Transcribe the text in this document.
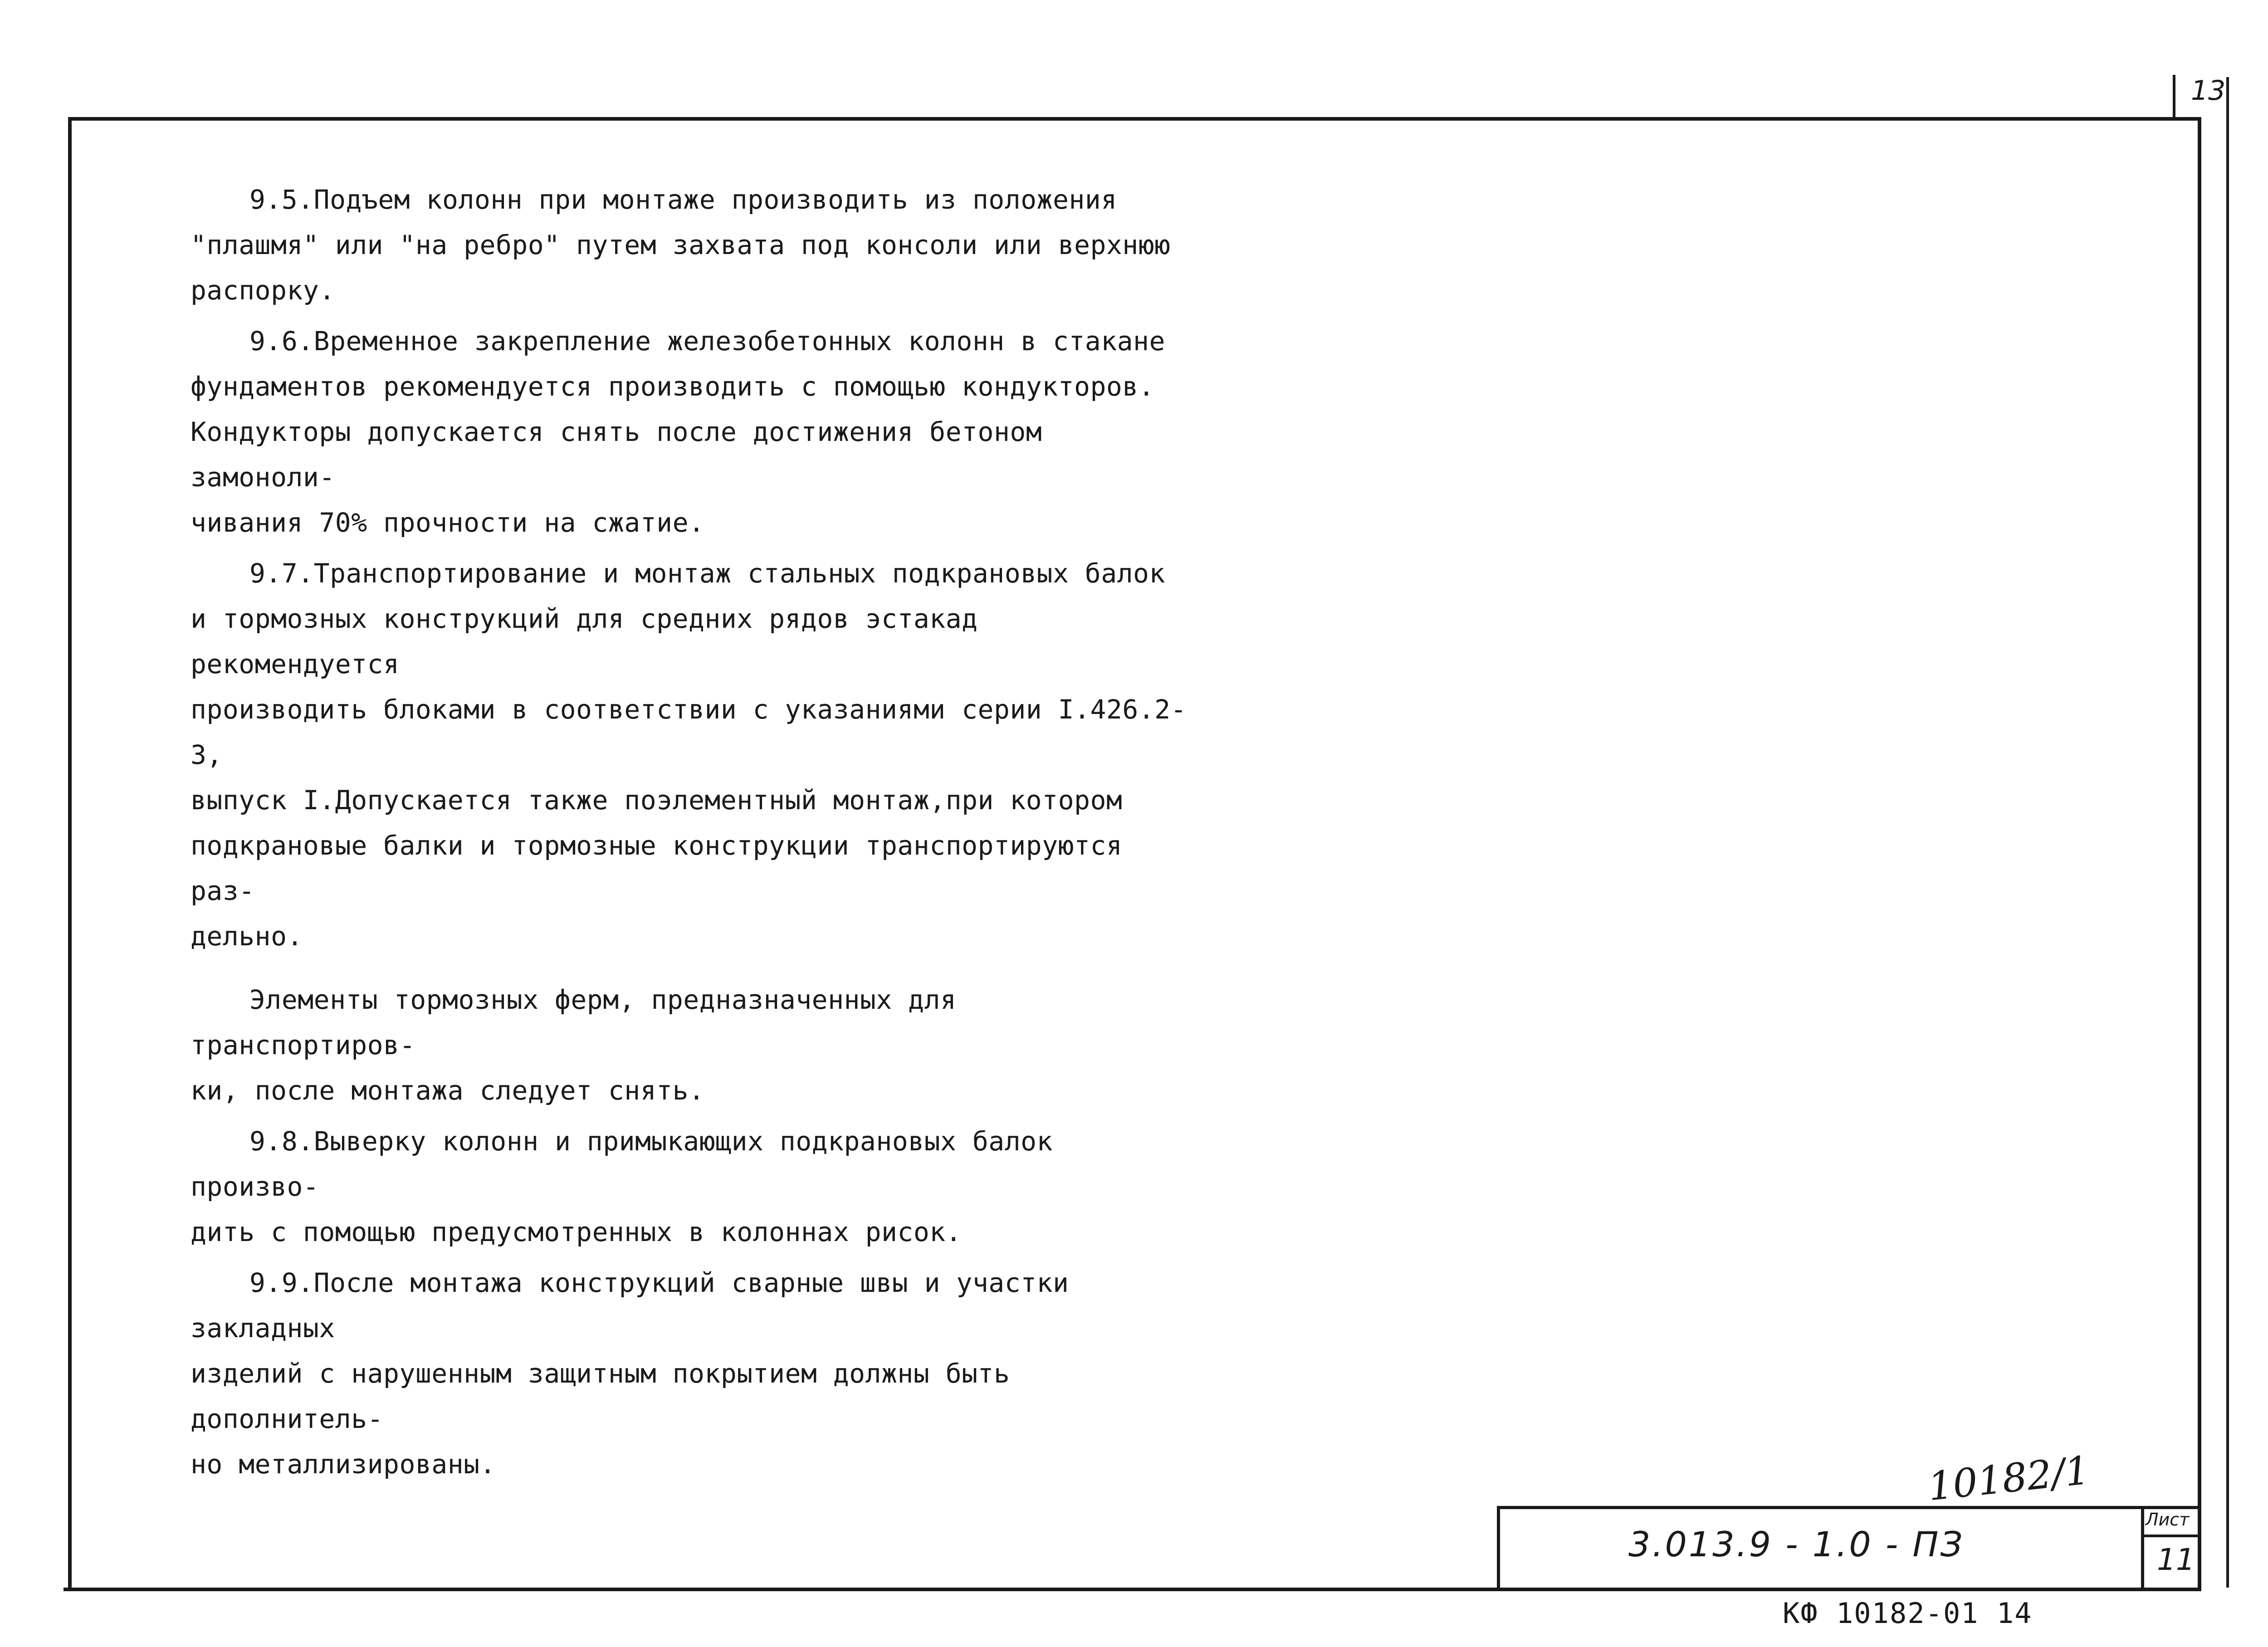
13

9.5.Подъем колонн при монтаже производить из положения
"плашмя" или "на ребро" путем захвата под консоли или верхнюю
распорку.

9.6.Временное закрепление железобетонных колонн в стакане
фундаментов рекомендуется производить с помощью кондукторов.
Кондукторы допускается снять после достижения бетоном замоноли-
чивания 70% прочности на сжатие.

9.7.Транспортирование и монтаж стальных подкрановых балок
и тормозных конструкций для средних рядов эстакад рекомендуется
производить блоками в соответствии с указаниями серии I.426.2-3,
выпуск I.Допускается также поэлементный монтаж,при котором
подкрановые балки и тормозные конструкции транспортируются раз-
дельно.

Элементы тормозных ферм, предназначенных для транспортиров-
ки, после монтажа следует снять.

9.8.Выверку колонн и примыкающих подкрановых балок произво-
дить с помощью предусмотренных в колоннах рисок.

9.9.После монтажа конструкций сварные швы и участки закладных
изделий с нарушенным защитным покрытием должны быть дополнитель-
но металлизированы.	10182/1
3.013.9 - 1.0 - ПЗ
Лист
11
КФ 10182-01 14
